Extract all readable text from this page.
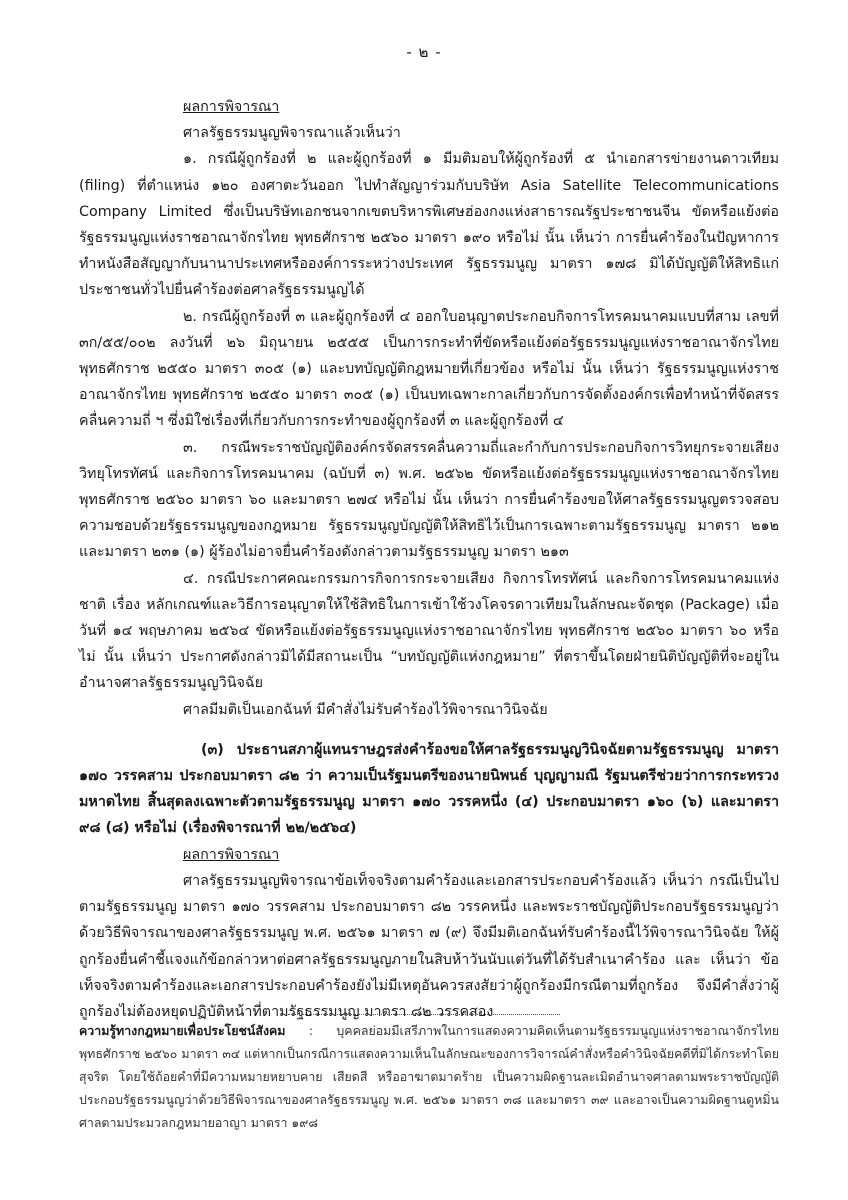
- ๒ -

ผลการพิจารณา

ศาลรัฐธรรมนูญพิจารณาแล้วเห็นว่า

๑. กรณีผู้ถูกร้องที่ ๒ และผู้ถูกร้องที่ ๑ มีมติมอบให้ผู้ถูกร้องที่ ๕ นำเอกสารข่ายงานดาวเทียม (filing) ที่ตำแหน่ง ๑๒๐ องศาตะวันออก ไปทำสัญญาร่วมกับบริษัท Asia Satellite Telecommunications Company Limited ซึ่งเป็นบริษัทเอกชนจากเขตบริหารพิเศษฮ่องกงแห่งสาธารณรัฐประชาชนจีน ขัดหรือแย้งต่อรัฐธรรมนูญแห่งราชอาณาจักรไทย พุทธศักราช ๒๕๖๐ มาตรา ๑๙๐ หรือไม่ นั้น เห็นว่า การยื่นคำร้องในปัญหาการทำหนังสือสัญญากับนานาประเทศหรือองค์การระหว่างประเทศ รัฐธรรมนูญ มาตรา ๑๗๘ มิได้บัญญัติให้สิทธิแก่ประชาชนทั่วไปยื่นคำร้องต่อศาลรัฐธรรมนูญได้

๒. กรณีผู้ถูกร้องที่ ๓ และผู้ถูกร้องที่ ๔ ออกใบอนุญาตประกอบกิจการโทรคมนาคมแบบที่สาม เลขที่ ๓ก/๕๕/๐๐๒ ลงวันที่ ๒๖ มิถุนายน ๒๕๕๕ เป็นการกระทำที่ขัดหรือแย้งต่อรัฐธรรมนูญแห่งราชอาณาจักรไทย พุทธศักราช ๒๕๕๐ มาตรา ๓๐๕ (๑) และบทบัญญัติกฎหมายที่เกี่ยวข้อง หรือไม่ นั้น เห็นว่า รัฐธรรมนูญแห่งราชอาณาจักรไทย พุทธศักราช ๒๕๕๐ มาตรา ๓๐๕ (๑) เป็นบทเฉพาะกาลเกี่ยวกับการจัดตั้งองค์กรเพื่อทำหน้าที่จัดสรรคลื่นความถี่ ฯ ซึ่งมิใช่เรื่องที่เกี่ยวกับการกระทำของผู้ถูกร้องที่ ๓ และผู้ถูกร้องที่ ๔

๓. กรณีพระราชบัญญัติองค์กรจัดสรรคลื่นความถี่และกำกับการประกอบกิจการวิทยุกระจายเสียง วิทยุโทรทัศน์ และกิจการโทรคมนาคม (ฉบับที่ ๓) พ.ศ. ๒๕๖๒ ขัดหรือแย้งต่อรัฐธรรมนูญแห่งราชอาณาจักรไทย พุทธศักราช ๒๕๖๐ มาตรา ๖๐ และมาตรา ๒๗๔ หรือไม่ นั้น เห็นว่า การยื่นคำร้องขอให้ศาลรัฐธรรมนูญตรวจสอบความชอบด้วยรัฐธรรมนูญของกฎหมาย รัฐธรรมนูญบัญญัติให้สิทธิไว้เป็นการเฉพาะตามรัฐธรรมนูญ มาตรา ๒๑๒ และมาตรา ๒๓๑ (๑) ผู้ร้องไม่อาจยื่นคำร้องดังกล่าวตามรัฐธรรมนูญ มาตรา ๒๑๓

๔. กรณีประกาศคณะกรรมการกิจการกระจายเสียง กิจการโทรทัศน์ และกิจการโทรคมนาคมแห่งชาติ เรื่อง หลักเกณฑ์และวิธีการอนุญาตให้ใช้สิทธิในการเข้าใช้วงโคจรดาวเทียมในลักษณะจัดชุด (Package) เมื่อวันที่ ๑๔ พฤษภาคม ๒๕๖๔ ขัดหรือแย้งต่อรัฐธรรมนูญแห่งราชอาณาจักรไทย พุทธศักราช ๒๕๖๐ มาตรา ๖๐ หรือไม่ นั้น เห็นว่า ประกาศดังกล่าวมิได้มีสถานะเป็น “บทบัญญัติแห่งกฎหมาย” ที่ตราขึ้นโดยฝ่ายนิติบัญญัติที่จะอยู่ในอำนาจศาลรัฐธรรมนูญวินิจฉัย

ศาลมีมติเป็นเอกฉันท์ มีคำสั่งไม่รับคำร้องไว้พิจารณาวินิจฉัย

(๓) ประธานสภาผู้แทนราษฎรส่งคำร้องขอให้ศาลรัฐธรรมนูญวินิจฉัยตามรัฐธรรมนูญ มาตรา ๑๗๐ วรรคสาม ประกอบมาตรา ๘๒ ว่า ความเป็นรัฐมนตรีของนายนิพนธ์ บุญญามณี รัฐมนตรีช่วยว่าการกระทรวงมหาดไทย สิ้นสุดลงเฉพาะตัวตามรัฐธรรมนูญ มาตรา ๑๗๐ วรรคหนึ่ง (๔) ประกอบมาตรา ๑๖๐ (๖) และมาตรา ๙๘ (๘) หรือไม่ (เรื่องพิจารณาที่ ๒๒/๒๕๖๔)

ผลการพิจารณา

ศาลรัฐธรรมนูญพิจารณาข้อเท็จจริงตามคำร้องและเอกสารประกอบคำร้องแล้ว เห็นว่า กรณีเป็นไปตามรัฐธรรมนูญ มาตรา ๑๗๐ วรรคสาม ประกอบมาตรา ๘๒ วรรคหนึ่ง และพระราชบัญญัติประกอบรัฐธรรมนูญว่าด้วยวิธีพิจารณาของศาลรัฐธรรมนูญ พ.ศ. ๒๕๖๑ มาตรา ๗ (๙) จึงมีมติเอกฉันท์รับคำร้องนี้ไว้พิจารณาวินิจฉัย ให้ผู้ถูกร้องยื่นคำชี้แจงแก้ข้อกล่าวหาต่อศาลรัฐธรรมนูญภายในสิบห้าวันนับแต่วันที่ได้รับสำเนาคำร้อง และ เห็นว่า ข้อเท็จจริงตามคำร้องและเอกสารประกอบคำร้องยังไม่มีเหตุอันควรสงสัยว่าผู้ถูกร้องมีกรณีตามที่ถูกร้อง จึงมีคำสั่งว่าผู้ถูกร้องไม่ต้องหยุดปฏิบัติหน้าที่ตามรัฐธรรมนูญ มาตรา ๘๒ วรรคสอง

ความรู้ทางกฎหมายเพื่อประโยชน์สังคม : บุคคลย่อมมีเสรีภาพในการแสดงความคิดเห็นตามรัฐธรรมนูญแห่งราชอาณาจักรไทย พุทธศักราช ๒๕๖๐ มาตรา ๓๔ แต่หากเป็นกรณีการแสดงความเห็นในลักษณะของการวิจารณ์คำสั่งหรือคำวินิจฉัยคดีที่มิได้กระทำโดยสุจริต โดยใช้ถ้อยคำที่มีความหมายหยาบคาย เสียดสี หรืออาฆาตมาดร้าย เป็นความผิดฐานละเมิดอำนาจศาลตามพระราชบัญญัติประกอบรัฐธรรมนูญว่าด้วยวิธีพิจารณาของศาลรัฐธรรมนูญ พ.ศ. ๒๕๖๑ มาตรา ๓๘ และมาตรา ๓๙ และอาจเป็นความผิดฐานดูหมิ่นศาลตามประมวลกฎหมายอาญา มาตรา ๑๙๘
